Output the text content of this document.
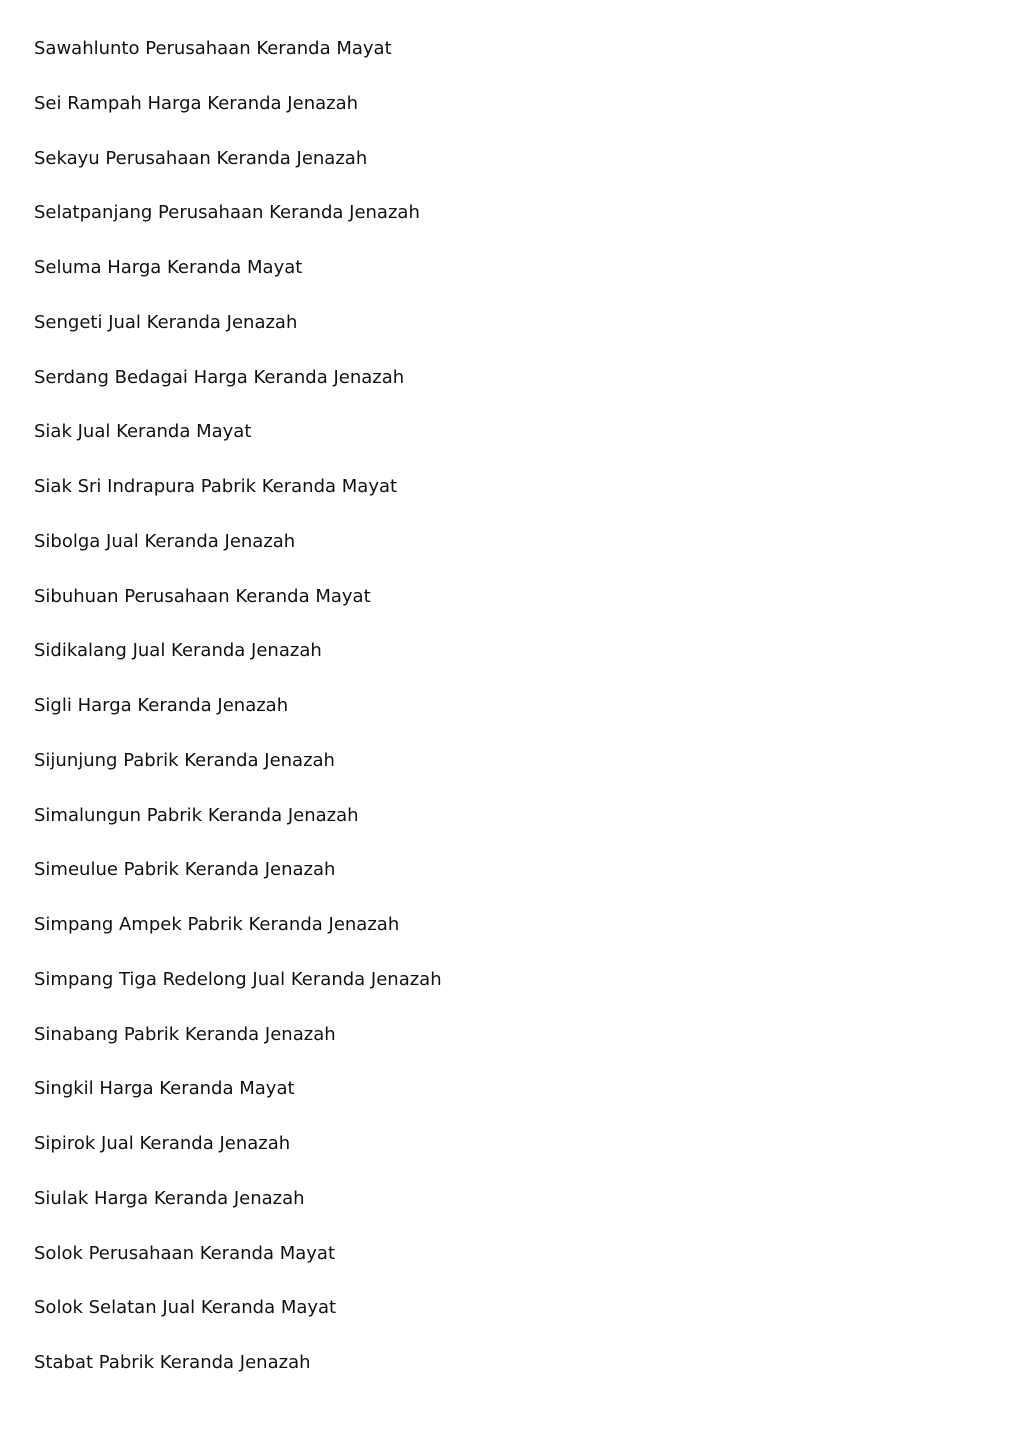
Sawahlunto Perusahaan Keranda Mayat
Sei Rampah Harga Keranda Jenazah
Sekayu Perusahaan Keranda Jenazah
Selatpanjang Perusahaan Keranda Jenazah
Seluma Harga Keranda Mayat
Sengeti Jual Keranda Jenazah
Serdang Bedagai Harga Keranda Jenazah
Siak Jual Keranda Mayat
Siak Sri Indrapura Pabrik Keranda Mayat
Sibolga Jual Keranda Jenazah
Sibuhuan Perusahaan Keranda Mayat
Sidikalang Jual Keranda Jenazah
Sigli Harga Keranda Jenazah
Sijunjung Pabrik Keranda Jenazah
Simalungun Pabrik Keranda Jenazah
Simeulue Pabrik Keranda Jenazah
Simpang Ampek Pabrik Keranda Jenazah
Simpang Tiga Redelong Jual Keranda Jenazah
Sinabang Pabrik Keranda Jenazah
Singkil Harga Keranda Mayat
Sipirok Jual Keranda Jenazah
Siulak Harga Keranda Jenazah
Solok Perusahaan Keranda Mayat
Solok Selatan Jual Keranda Mayat
Stabat Pabrik Keranda Jenazah
